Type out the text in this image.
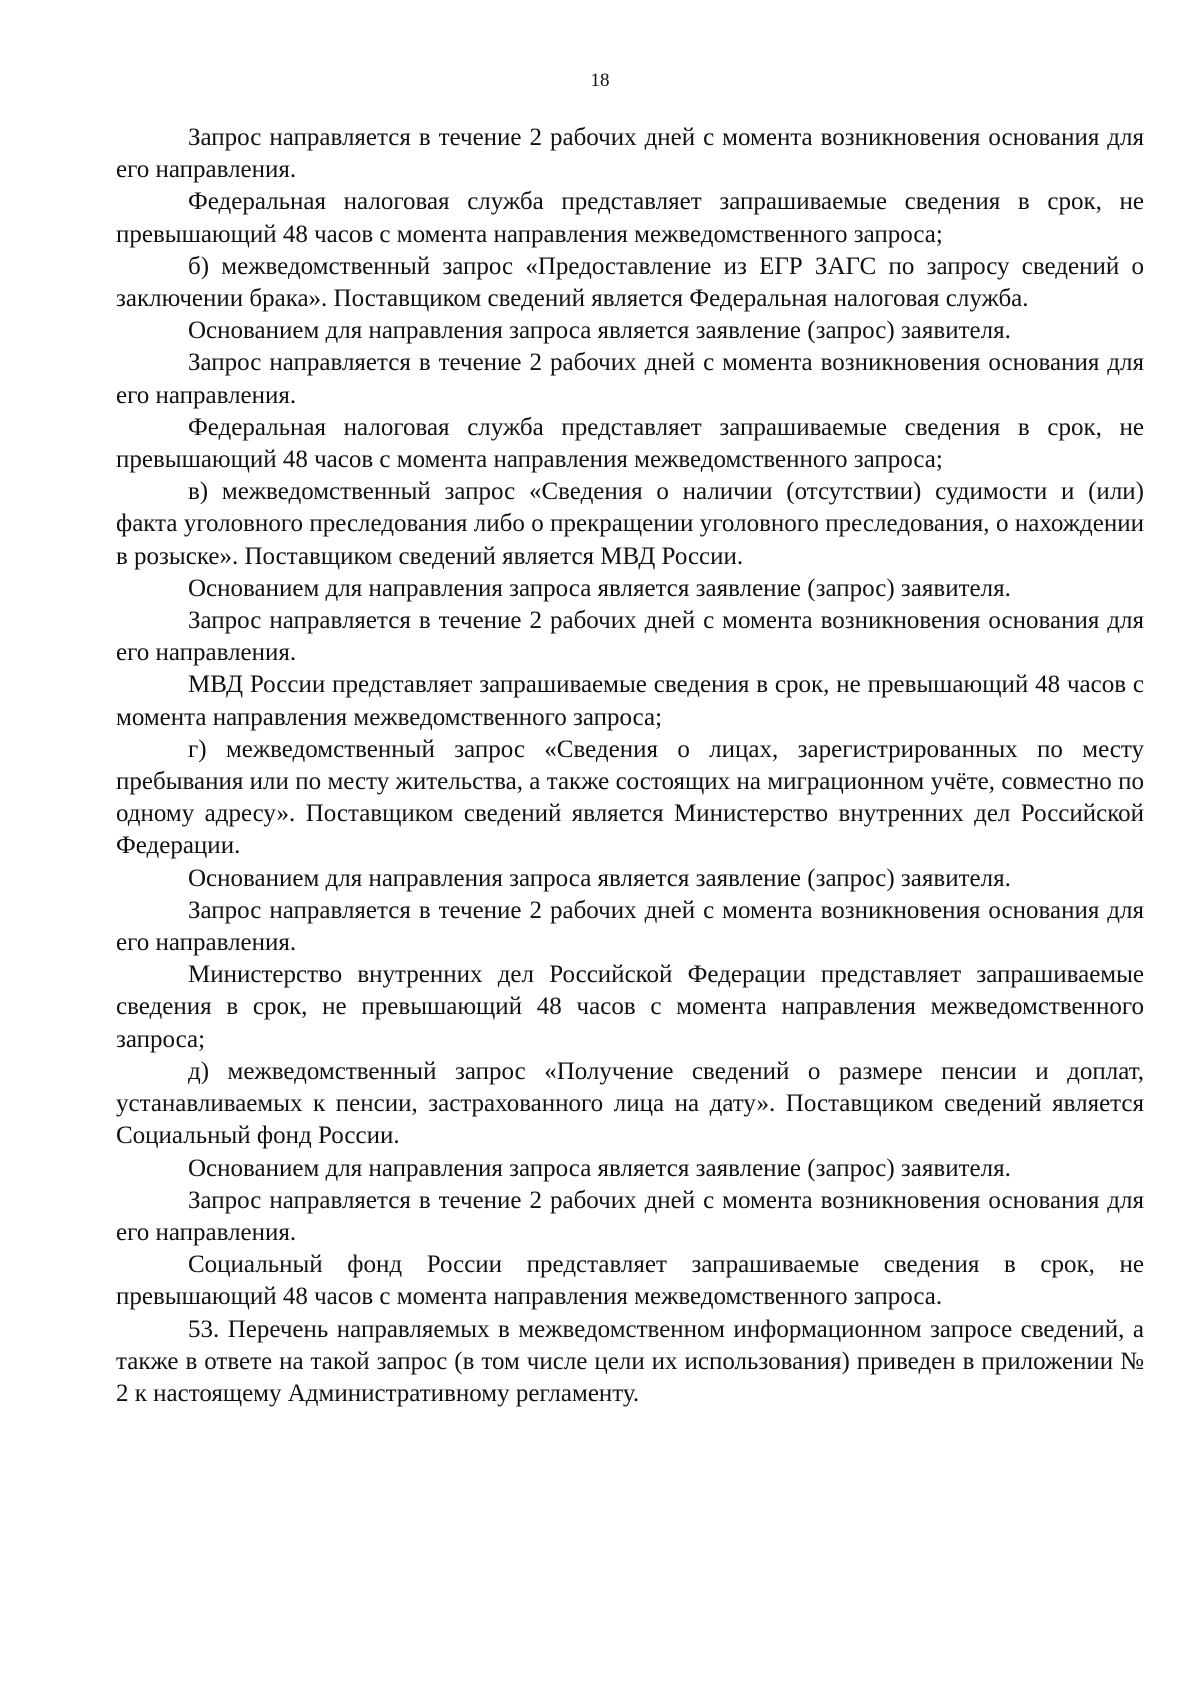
18

Запрос направляется в течение 2 рабочих дней с момента возникновения основания для его направления.

Федеральная налоговая служба представляет запрашиваемые сведения в срок, не превышающий 48 часов с момента направления межведомственного запроса;

б) межведомственный запрос «Предоставление из ЕГР ЗАГС по запросу сведений о заключении брака». Поставщиком сведений является Федеральная налоговая служба.

Основанием для направления запроса является заявление (запрос) заявителя.

Запрос направляется в течение 2 рабочих дней с момента возникновения основания для его направления.

Федеральная налоговая служба представляет запрашиваемые сведения в срок, не превышающий 48 часов с момента направления межведомственного запроса;

в) межведомственный запрос «Сведения о наличии (отсутствии) судимости и (или) факта уголовного преследования либо о прекращении уголовного преследования, о нахождении в розыске». Поставщиком сведений является МВД России.

Основанием для направления запроса является заявление (запрос) заявителя.

Запрос направляется в течение 2 рабочих дней с момента возникновения основания для его направления.

МВД России представляет запрашиваемые сведения в срок, не превышающий 48 часов с момента направления межведомственного запроса;

г) межведомственный запрос «Сведения о лицах, зарегистрированных по месту пребывания или по месту жительства, а также состоящих на миграционном учёте, совместно по одному адресу». Поставщиком сведений является Министерство внутренних дел Российской Федерации.

Основанием для направления запроса является заявление (запрос) заявителя.

Запрос направляется в течение 2 рабочих дней с момента возникновения основания для его направления.

Министерство внутренних дел Российской Федерации представляет запрашиваемые сведения в срок, не превышающий 48 часов с момента направления межведомственного запроса;

д) межведомственный запрос «Получение сведений о размере пенсии и доплат, устанавливаемых к пенсии, застрахованного лица на дату». Поставщиком сведений является Социальный фонд России.

Основанием для направления запроса является заявление (запрос) заявителя.

Запрос направляется в течение 2 рабочих дней с момента возникновения основания для его направления.

Социальный фонд России представляет запрашиваемые сведения в срок, не превышающий 48 часов с момента направления межведомственного запроса.

53. Перечень направляемых в межведомственном информационном запросе сведений, а также в ответе на такой запрос (в том числе цели их использования) приведен в приложении № 2 к настоящему Административному регламенту.
